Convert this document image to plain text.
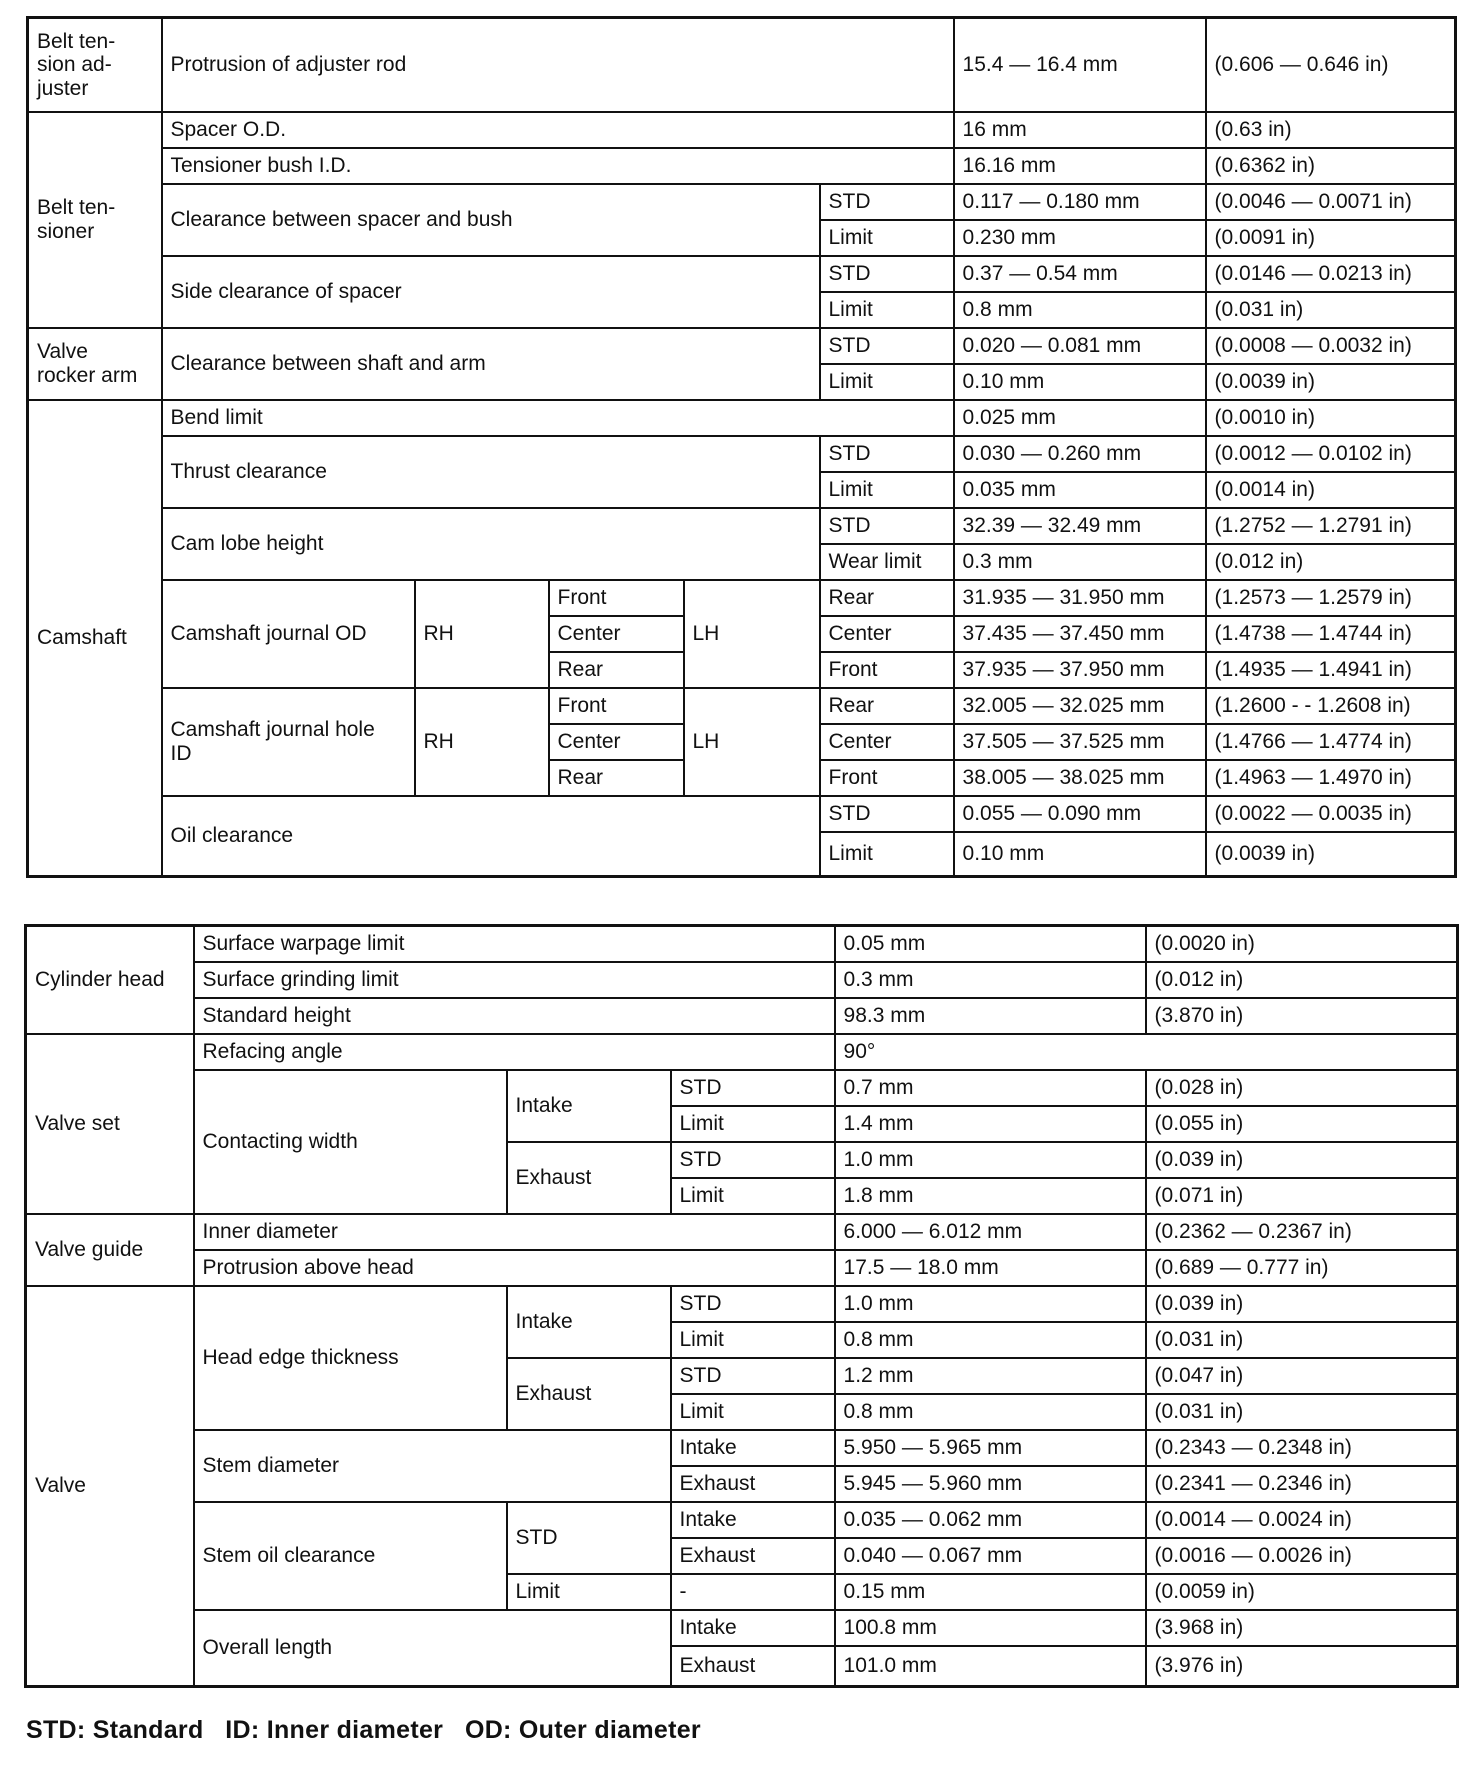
Belt ten-
sion ad-
juster	Protrusion of adjuster rod					15.4 — 16.4 mm	(0.606 — 0.646 in)
Belt ten-
sioner	Spacer O.D.					16 mm	(0.63 in)
	Tensioner bush I.D.					16.16 mm	(0.6362 in)
	Clearance between spacer and bush				STD	0.117 — 0.180 mm	(0.0046 — 0.0071 in)
					Limit	0.230 mm	(0.0091 in)
	Side clearance of spacer				STD	0.37 — 0.54 mm	(0.0146 — 0.0213 in)
					Limit	0.8 mm	(0.031 in)
Valve
rocker arm	Clearance between shaft and arm				STD	0.020 — 0.081 mm	(0.0008 — 0.0032 in)
					Limit	0.10 mm	(0.0039 in)
Camshaft	Bend limit					0.025 mm	(0.0010 in)
	Thrust clearance				STD	0.030 — 0.260 mm	(0.0012 — 0.0102 in)
					Limit	0.035 mm	(0.0014 in)
	Cam lobe height				STD	32.39 — 32.49 mm	(1.2752 — 1.2791 in)
					Wear limit	0.3 mm	(0.012 in)
	Camshaft journal OD	RH	Front	LH	Rear	31.935 — 31.950 mm	(1.2573 — 1.2579 in)
			Center		Center	37.435 — 37.450 mm	(1.4738 — 1.4744 in)
			Rear		Front	37.935 — 37.950 mm	(1.4935 — 1.4941 in)
	Camshaft journal hole
ID	RH	Front	LH	Rear	32.005 — 32.025 mm	(1.2600 - - 1.2608 in)
			Center		Center	37.505 — 37.525 mm	(1.4766 — 1.4774 in)
			Rear		Front	38.005 — 38.025 mm	(1.4963 — 1.4970 in)
	Oil clearance				STD	0.055 — 0.090 mm	(0.0022 — 0.0035 in)
					Limit	0.10 mm	(0.0039 in)
Cylinder head	Surface warpage limit			0.05 mm	(0.0020 in)
	Surface grinding limit			0.3 mm	(0.012 in)
	Standard height			98.3 mm	(3.870 in)
Valve set	Refacing angle			90°	
	Contacting width	Intake	STD	0.7 mm	(0.028 in)
			Limit	1.4 mm	(0.055 in)
		Exhaust	STD	1.0 mm	(0.039 in)
			Limit	1.8 mm	(0.071 in)
Valve guide	Inner diameter			6.000 — 6.012 mm	(0.2362 — 0.2367 in)
	Protrusion above head			17.5 — 18.0 mm	(0.689 — 0.777 in)
Valve	Head edge thickness	Intake	STD	1.0 mm	(0.039 in)
			Limit	0.8 mm	(0.031 in)
		Exhaust	STD	1.2 mm	(0.047 in)
			Limit	0.8 mm	(0.031 in)
	Stem diameter		Intake	5.950 — 5.965 mm	(0.2343 — 0.2348 in)
			Exhaust	5.945 — 5.960 mm	(0.2341 — 0.2346 in)
	Stem oil clearance	STD	Intake	0.035 — 0.062 mm	(0.0014 — 0.0024 in)
			Exhaust	0.040 — 0.067 mm	(0.0016 — 0.0026 in)
		Limit	-	0.15 mm	(0.0059 in)
	Overall length		Intake	100.8 mm	(3.968 in)
			Exhaust	101.0 mm	(3.976 in)
STD: Standard   ID: Inner diameter   OD: Outer diameter
